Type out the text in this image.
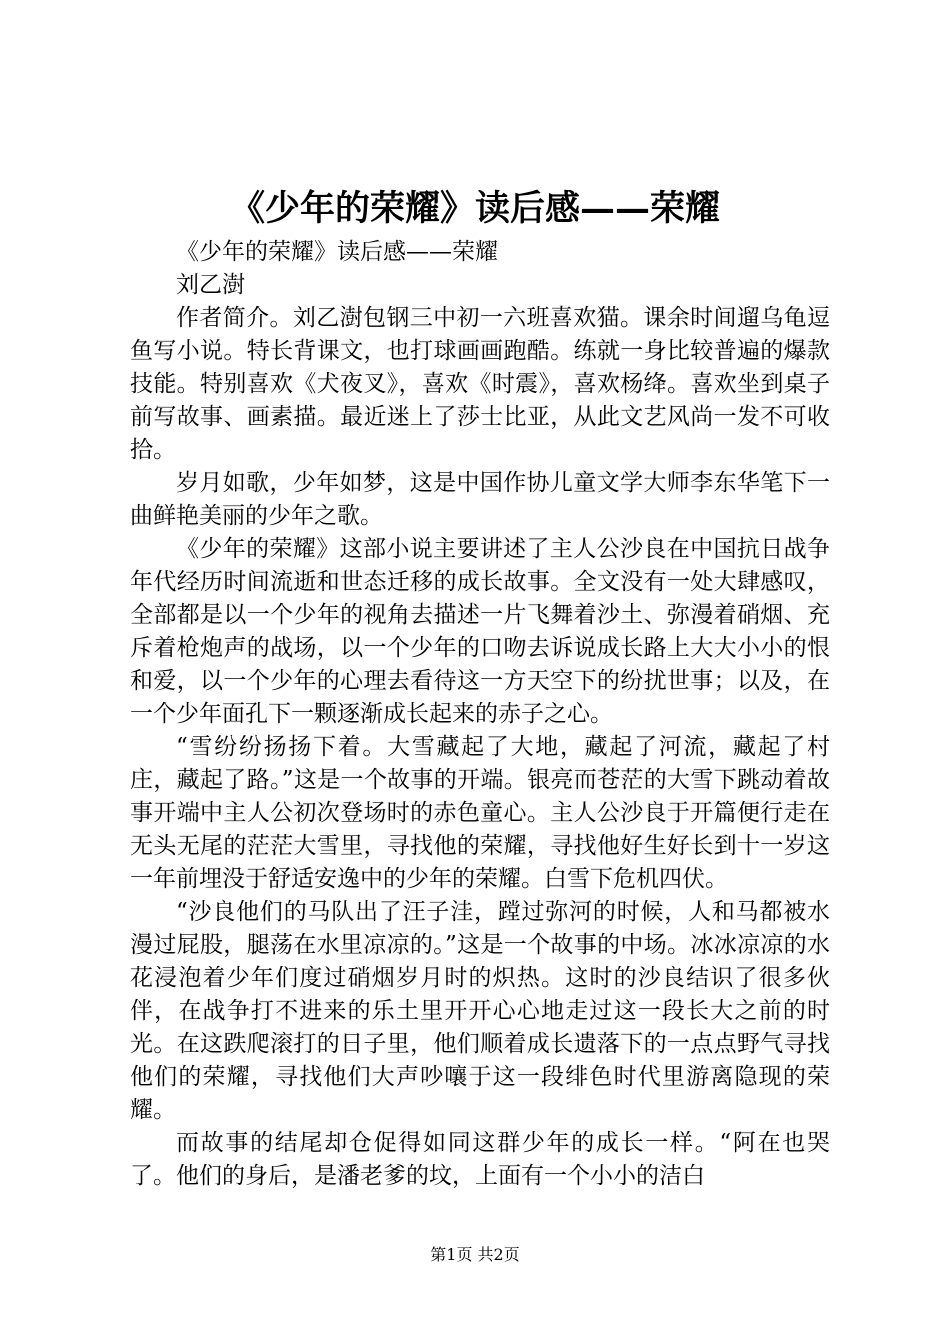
《少年的荣耀》读后感——荣耀

《少年的荣耀》读后感——荣耀

刘乙澍

作者简介。刘乙澍包钢三中初一六班喜欢猫。课余时间遛乌龟逗鱼写小说。特长背课文，也打球画画跑酷。练就一身比较普遍的爆款技能。特别喜欢《犬夜叉》，喜欢《时震》，喜欢杨绛。喜欢坐到桌子前写故事、画素描。最近迷上了莎士比亚，从此文艺风尚一发不可收拾。

岁月如歌，少年如梦，这是中国作协儿童文学大师李东华笔下一曲鲜艳美丽的少年之歌。

《少年的荣耀》这部小说主要讲述了主人公沙良在中国抗日战争年代经历时间流逝和世态迁移的成长故事。全文没有一处大肆感叹，全部都是以一个少年的视角去描述一片飞舞着沙土、弥漫着硝烟、充斥着枪炮声的战场，以一个少年的口吻去诉说成长路上大大小小的恨和爱，以一个少年的心理去看待这一方天空下的纷扰世事；以及，在一个少年面孔下一颗逐渐成长起来的赤子之心。

“雪纷纷扬扬下着。大雪藏起了大地，藏起了河流，藏起了村庄，藏起了路。”这是一个故事的开端。银亮而苍茫的大雪下跳动着故事开端中主人公初次登场时的赤色童心。主人公沙良于开篇便行走在无头无尾的茫茫大雪里，寻找他的荣耀，寻找他好生好长到十一岁这一年前埋没于舒适安逸中的少年的荣耀。白雪下危机四伏。

“沙良他们的马队出了汪子洼，蹚过弥河的时候，人和马都被水漫过屁股，腿荡在水里凉凉的。”这是一个故事的中场。冰冰凉凉的水花浸泡着少年们度过硝烟岁月时的炽热。这时的沙良结识了很多伙伴，在战争打不进来的乐土里开开心心地走过这一段长大之前的时光。在这跌爬滚打的日子里，他们顺着成长遗落下的一点点野气寻找他们的荣耀，寻找他们大声吵嚷于这一段绯色时代里游离隐现的荣耀。

而故事的结尾却仓促得如同这群少年的成长一样。“阿在也哭了。他们的身后，是潘老爹的坟，上面有一个小小的洁白

第1页 共2页
